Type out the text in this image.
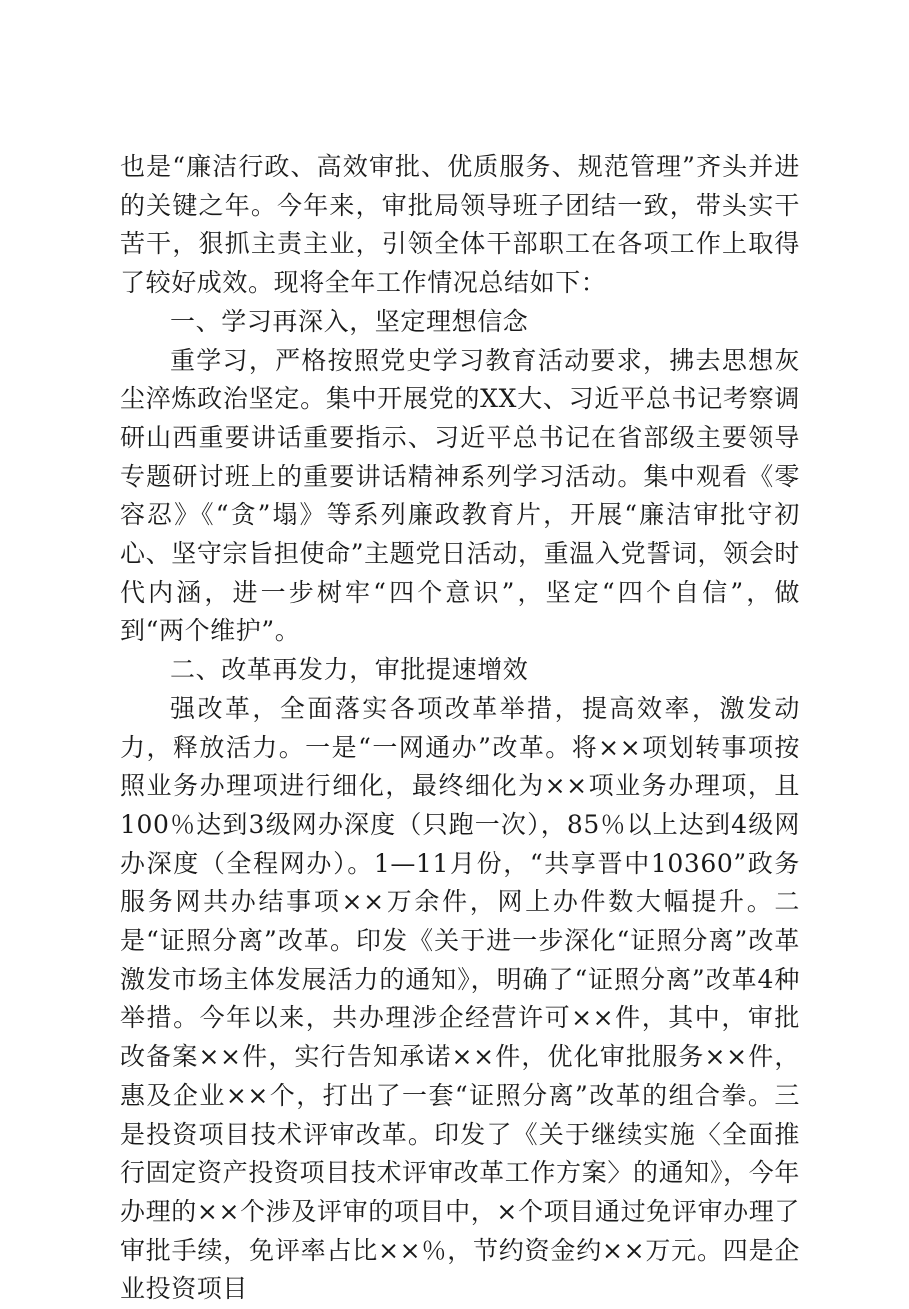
也是“廉洁行政、高效审批、优质服务、规范管理”齐头并进的关键之年。今年来，审批局领导班子团结一致，带头实干苦干，狠抓主责主业，引领全体干部职工在各项工作上取得了较好成效。现将全年工作情况总结如下：

一、学习再深入，坚定理想信念

重学习，严格按照党史学习教育活动要求，拂去思想灰尘淬炼政治坚定。集中开展党的XX大、习近平总书记考察调研山西重要讲话重要指示、习近平总书记在省部级主要领导专题研讨班上的重要讲话精神系列学习活动。集中观看《零容忍》《“贪”塌》等系列廉政教育片，开展“廉洁审批守初心、坚守宗旨担使命”主题党日活动，重温入党誓词，领会时代内涵，进一步树牢“四个意识”，坚定“四个自信”，做到“两个维护”。

二、改革再发力，审批提速增效

强改革，全面落实各项改革举措，提高效率，激发动力，释放活力。一是“一网通办”改革。将××项划转事项按照业务办理项进行细化，最终细化为××项业务办理项，且100％达到3级网办深度（只跑一次），85％以上达到4级网办深度（全程网办）。1—11月份，“共享晋中10360”政务服务网共办结事项××万余件，网上办件数大幅提升。二是“证照分离”改革。印发《关于进一步深化“证照分离”改革激发市场主体发展活力的通知》，明确了“证照分离”改革4种举措。今年以来，共办理涉企经营许可××件，其中，审批改备案××件，实行告知承诺××件，优化审批服务××件，惠及企业××个，打出了一套“证照分离”改革的组合拳。三是投资项目技术评审改革。印发了《关于继续实施〈全面推行固定资产投资项目技术评审改革工作方案〉的通知》，今年办理的××个涉及评审的项目中，×个项目通过免评审办理了审批手续，免评率占比××％，节约资金约××万元。四是企业投资项目
